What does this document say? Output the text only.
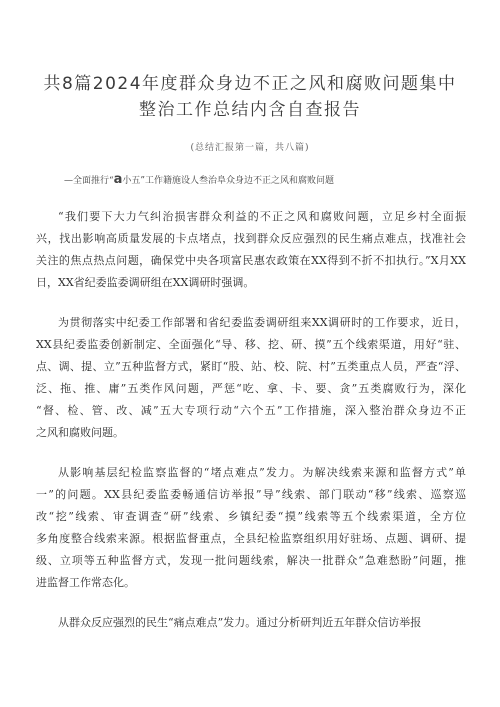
共8篇2024年度群众身边不正之风和腐败问题集中
整治工作总结内含自查报告
(总结汇报第一篇，共八篇)
—全面推行“a小五”工作籍施设人叁治阜众身边不正之风和腐败问题
“我们要下大力气纠治损害群众利益的不正之风和腐败问题，立足乡村全面振
兴，找出影响高质量发展的卡点堵点，找到群众反应强烈的民生痛点难点，找准社会
关注的焦点热点问题，确保党中央各项富民惠农政策在XX得到不折不扣执行。”X月XX
日，XX省纪委监委调研组在XX调研时强调。
为贯彻落实中纪委工作部署和省纪委监委调研组来XX调研时的工作要求，近日，
XX县纪委监委创新制定、全面强化“导、移、挖、研、摸”五个线索渠道，用好“驻、
点、调、提、立”五种监督方式，紧盯“股、站、校、院、村”五类重点人员，严查“浮、
泛、拖、推、庸”五类作风问题，严惩“吃、拿、卡、要、贪”五类腐败行为，深化
“督、检、管、改、减”五大专项行动“六个五”工作措施，深入整治群众身边不正
之风和腐败问题。
从影响基层纪检监察监督的“堵点难点”发力。为解决线索来源和监督方式”单
一”的问题。XX县纪委监委畅通信访举报”导”线索、部门联动“移”线索、巡察巡
改“挖”线索、审查调查“研”线索、乡镇纪委“摸”线索等五个线索渠道，全方位
多角度整合线索来源。根据监督重点，全县纪检监察组织用好驻场、点题、调研、提
级、立项等五种监督方式，发现一批问题线索，解决一批群众“急难愁盼”问题，推
进监督工作常态化。
从群众反应强烈的民生“痛点难点”发力。通过分析研判近五年群众信访举报
